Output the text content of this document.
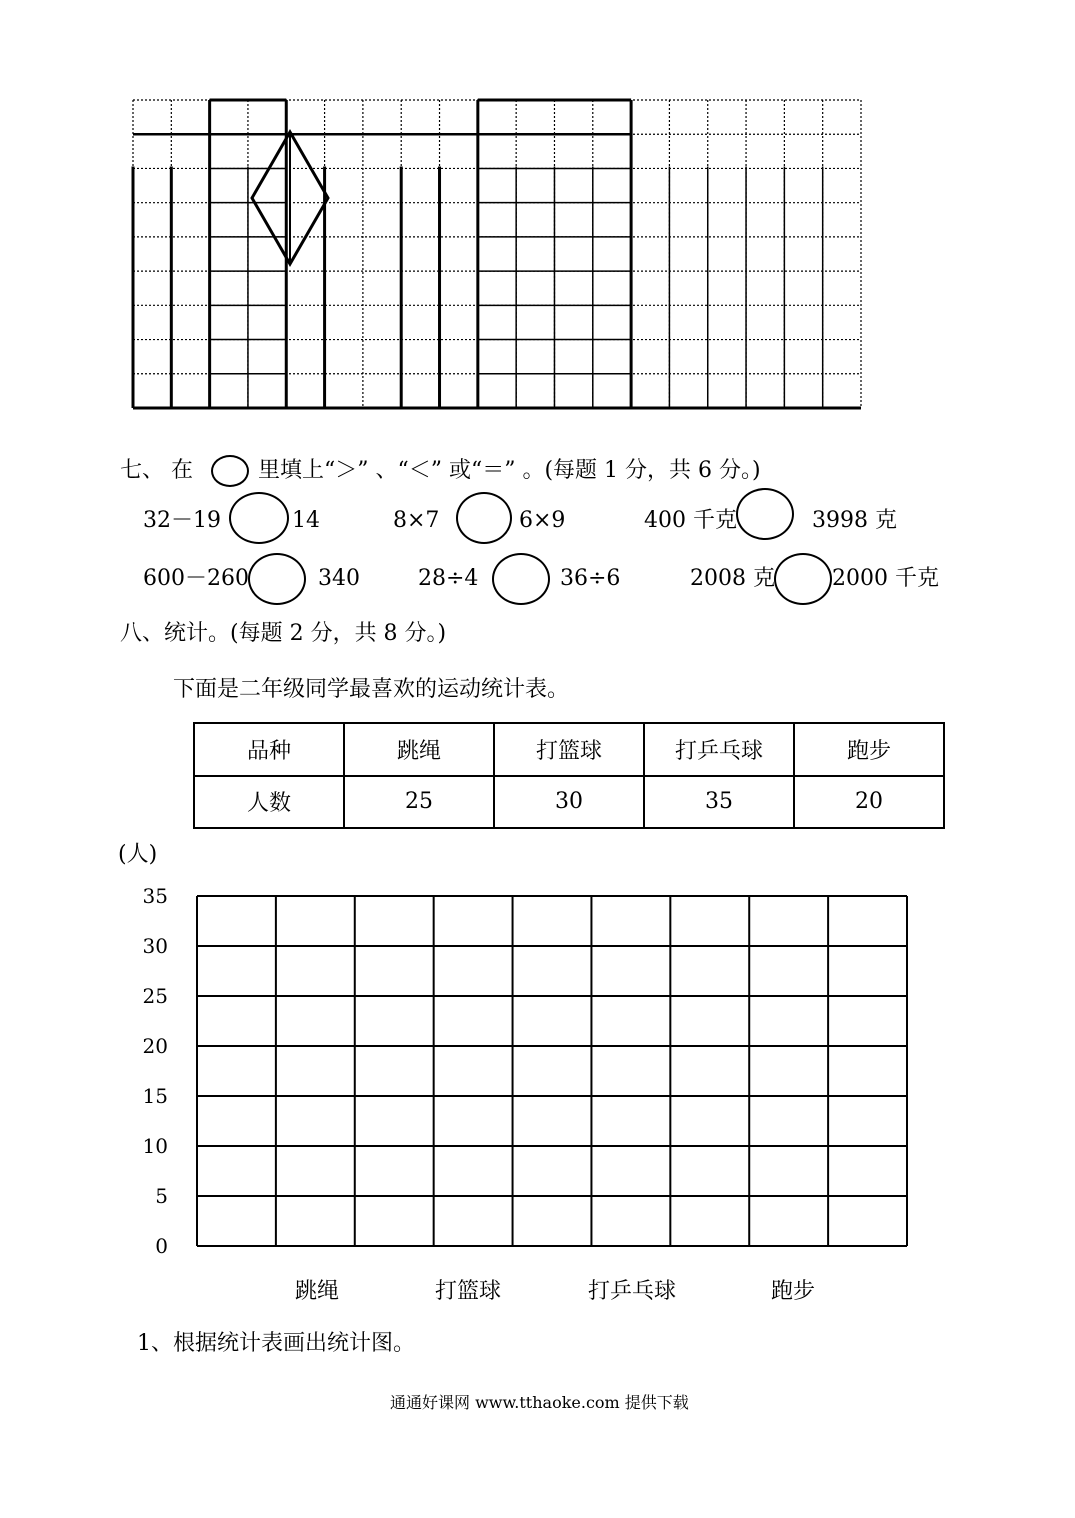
七、 在	里填上“＞” 、“＜” 或“＝” 。(每题 1 分，共 6 分。)
32－19	14	8×7	6×9	400 千克	3998 克
600－260	340	28÷4	36÷6	2008 克	2000 千克
八、统计。(每题 2 分，共 8 分。)
下面是二年级同学最喜欢的运动统计表。
品种	跳绳	打篮球	打乒乓球	跑步
人数	25	30	35	20
(人)
35
30
25
20
15
10
5
0
跳绳	打篮球	打乒乓球	跑步
1、根据统计表画出统计图。
通通好课网 www.tthaoke.com 提供下载
